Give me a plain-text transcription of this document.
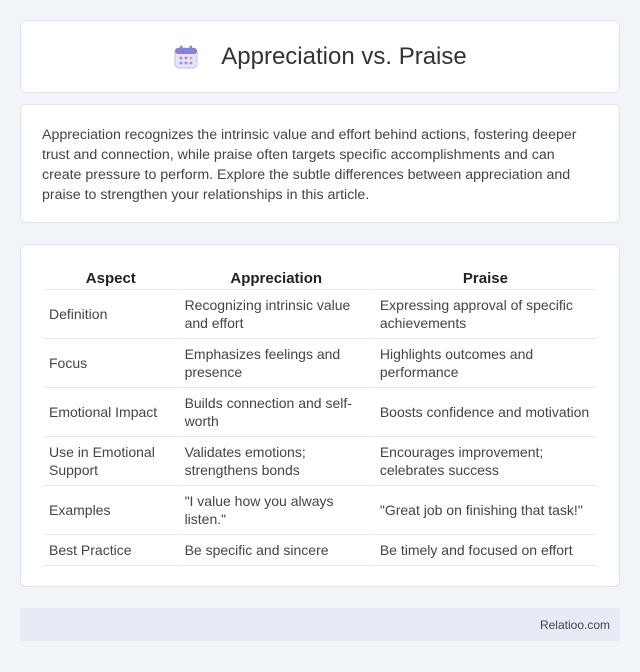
Appreciation vs. Praise

Appreciation recognizes the intrinsic value and effort behind actions, fostering deeper trust and connection, while praise often targets specific accomplishments and can create pressure to perform. Explore the subtle differences between appreciation and praise to strengthen your relationships in this article.

Aspect	Appreciation	Praise
Definition	Recognizing intrinsic value and effort	Expressing approval of specific achievements
Focus	Emphasizes feelings and presence	Highlights outcomes and performance
Emotional Impact	Builds connection and self-worth	Boosts confidence and motivation
Use in Emotional Support	Validates emotions; strengthens bonds	Encourages improvement; celebrates success
Examples	"I value how you always listen."	"Great job on finishing that task!"
Best Practice	Be specific and sincere	Be timely and focused on effort
Relatioo.com
